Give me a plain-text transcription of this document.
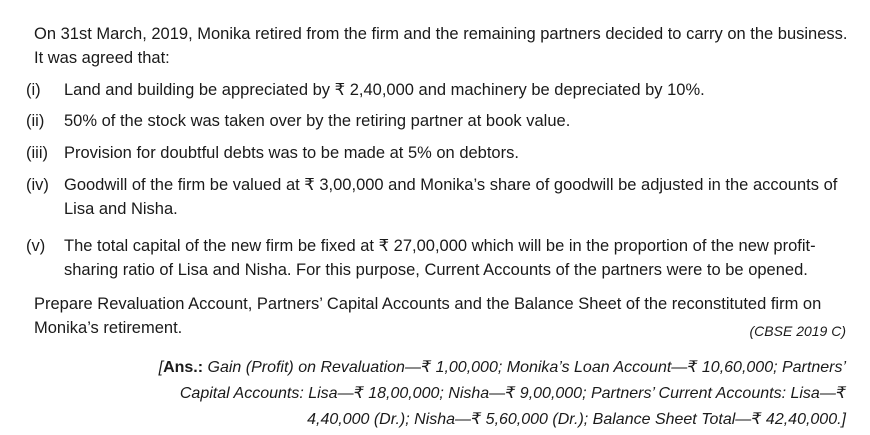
On 31st March, 2019, Monika retired from the firm and the remaining partners decided to carry on the business. It was agreed that:
(i)	Land and building be appreciated by ₹ 2,40,000 and machinery be depreciated by 10%.
(ii)	50% of the stock was taken over by the retiring partner at book value.
(iii) Provision for doubtful debts was to be made at 5% on debtors.
(iv) Goodwill of the firm be valued at ₹ 3,00,000 and Monika’s share of goodwill be adjusted in the accounts of Lisa and Nisha.
(v)	The total capital of the new firm be fixed at ₹ 27,00,000 which will be in the proportion of the new profit-sharing ratio of Lisa and Nisha. For this purpose, Current Accounts of the partners were to be opened.
Prepare Revaluation Account, Partners’ Capital Accounts and the Balance Sheet of the reconstituted firm on Monika’s retirement.	(CBSE 2019 C)
[Ans.: Gain (Profit) on Revaluation—₹ 1,00,000; Monika’s Loan Account—₹ 10,60,000; Partners’ Capital Accounts: Lisa—₹ 18,00,000; Nisha—₹ 9,00,000; Partners’ Current Accounts: Lisa—₹ 4,40,000 (Dr.); Nisha—₹ 5,60,000 (Dr.); Balance Sheet Total—₹ 42,40,000.]
